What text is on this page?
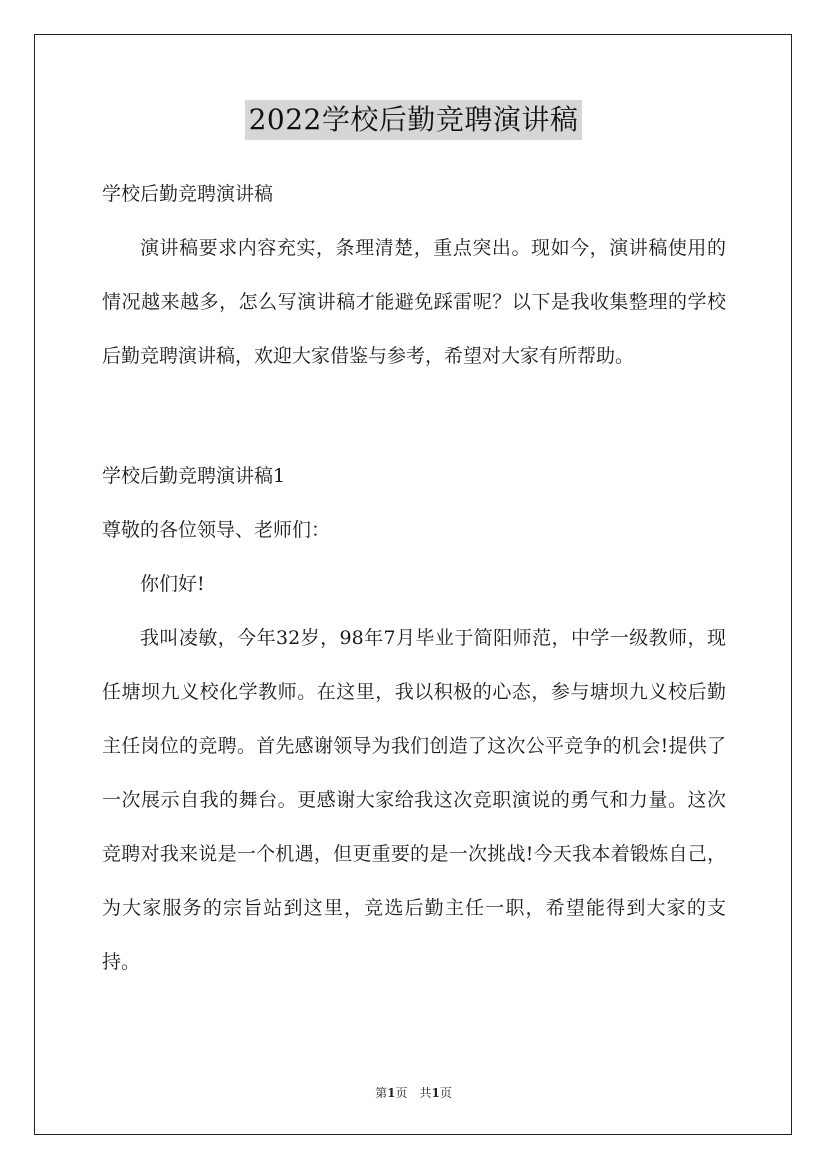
2022学校后勤竞聘演讲稿

学校后勤竞聘演讲稿

演讲稿要求内容充实，条理清楚，重点突出。现如今，演讲稿使用的情况越来越多，怎么写演讲稿才能避免踩雷呢？以下是我收集整理的学校后勤竞聘演讲稿，欢迎大家借鉴与参考，希望对大家有所帮助。

学校后勤竞聘演讲稿1

尊敬的各位领导、老师们：

你们好!

我叫凌敏，今年32岁，98年7月毕业于简阳师范，中学一级教师，现任塘坝九义校化学教师。在这里，我以积极的心态，参与塘坝九义校后勤主任岗位的竞聘。首先感谢领导为我们创造了这次公平竞争的机会!提供了一次展示自我的舞台。更感谢大家给我这次竞职演说的勇气和力量。这次竞聘对我来说是一个机遇，但更重要的是一次挑战!今天我本着锻炼自己，为大家服务的宗旨站到这里，竞选后勤主任一职，希望能得到大家的支持。

第1页　共1页
